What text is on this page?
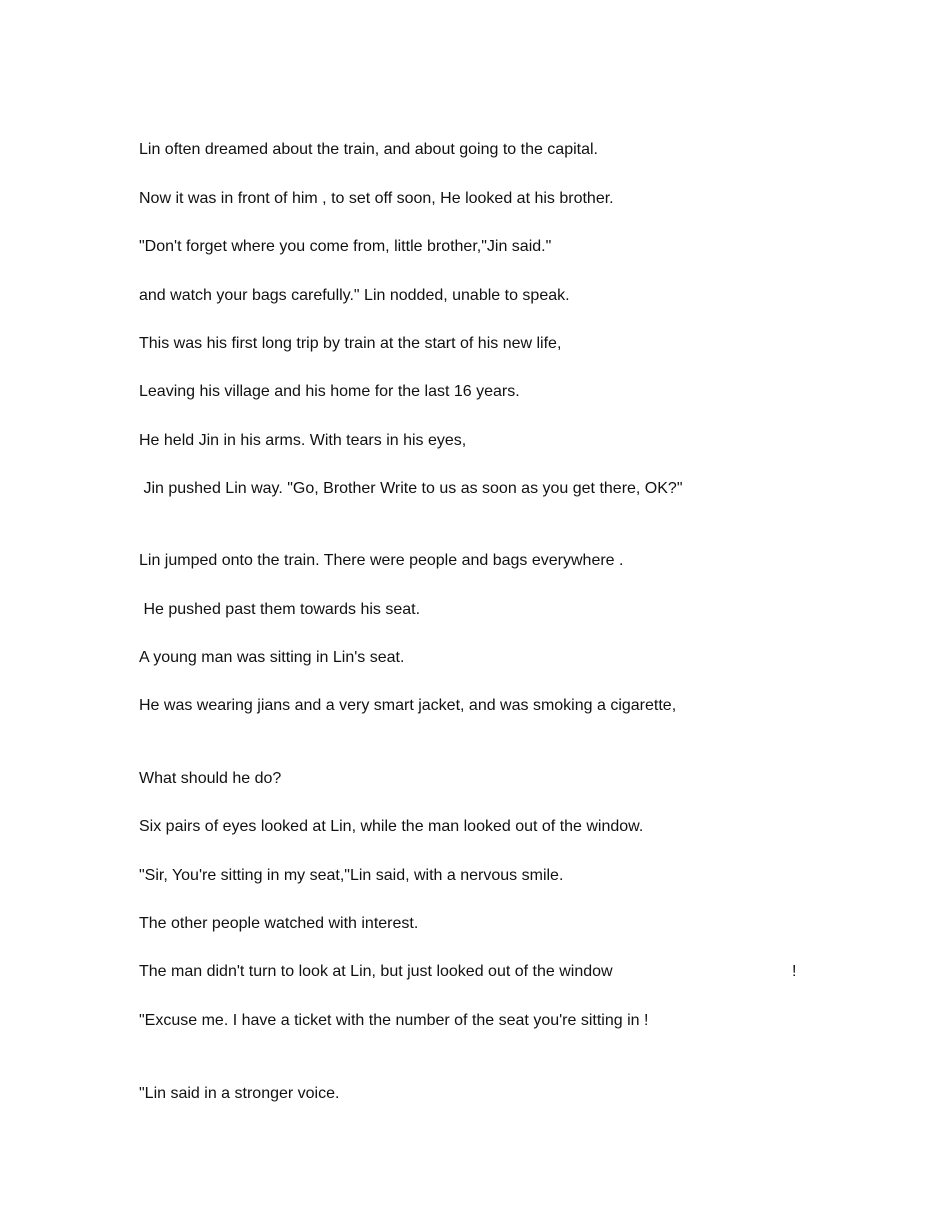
Lin often dreamed about the train, and about going to the capital.

Now it was in front of him , to set off soon, He looked at his brother.

"Don't forget where you come from, little brother,"Jin said."

and watch your bags carefully." Lin nodded, unable to speak.

This was his first long trip by train at the start of his new life,

Leaving his village and his home for the last 16 years.

He held Jin in his arms. With tears in his eyes,

Jin pushed Lin way. "Go, Brother Write to us as soon as you get there, OK?"

Lin jumped onto the train. There were people and bags everywhere .

He pushed past them towards his seat.

A young man was sitting in Lin's seat.

He was wearing jians and a very smart jacket, and was smoking a cigarette,

What should he do?

Six pairs of eyes looked at Lin, while the man looked out of the window.

"Sir, You're sitting in my seat,"Lin said, with a nervous smile.

The other people watched with interest.

The man didn't turn to look at Lin, but just looked out of the window	!

"Excuse me. I have a ticket with the number of the seat you're sitting in !

"Lin said in a stronger voice.
